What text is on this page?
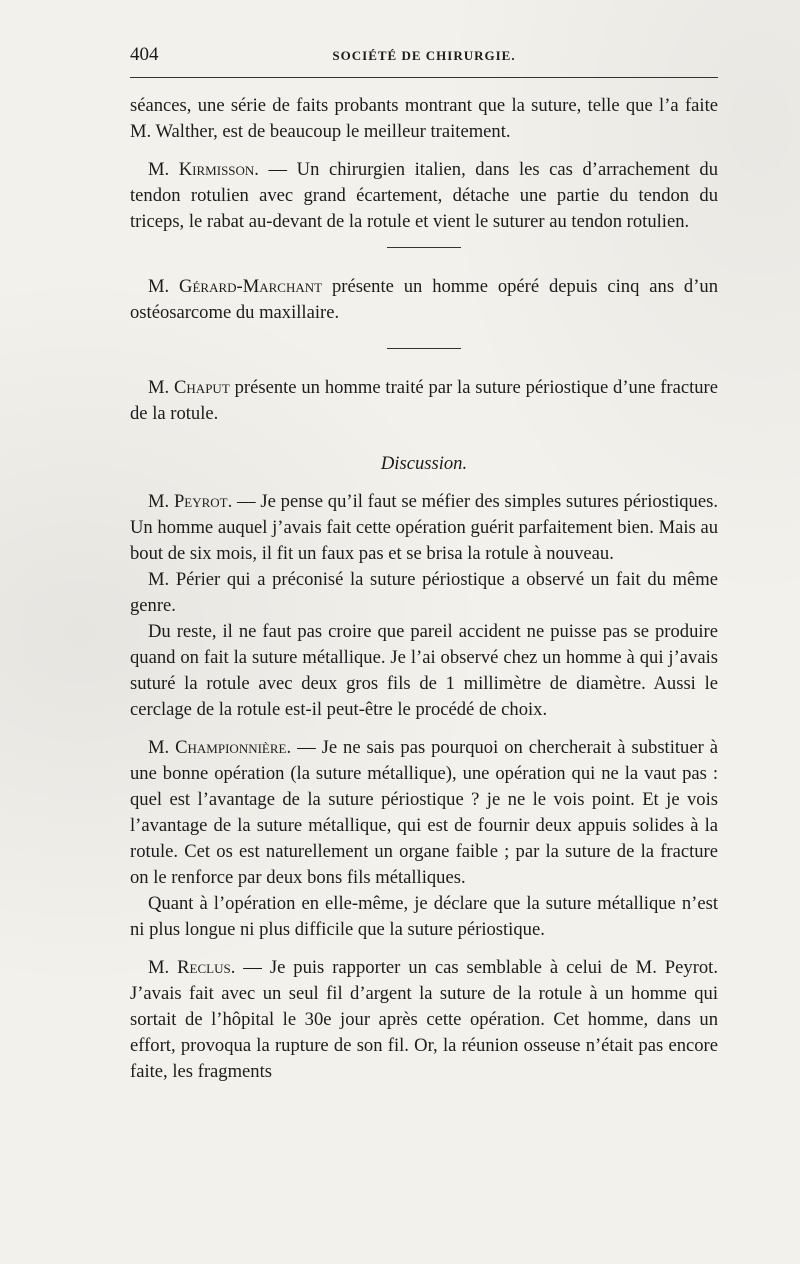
404	SOCIÉTÉ DE CHIRURGIE.

séances, une série de faits probants montrant que la suture, telle que l’a faite M. Walther, est de beaucoup le meilleur traitement.

M. Kirmisson. — Un chirurgien italien, dans les cas d’arrachement du tendon rotulien avec grand écartement, détache une partie du tendon du triceps, le rabat au-devant de la rotule et vient le suturer au tendon rotulien.

M. Gérard-Marchant présente un homme opéré depuis cinq ans d’un ostéosarcome du maxillaire.

M. Chaput présente un homme traité par la suture périostique d’une fracture de la rotule.

Discussion.

M. Peyrot. — Je pense qu’il faut se méfier des simples sutures périostiques. Un homme auquel j’avais fait cette opération guérit parfaitement bien. Mais au bout de six mois, il fit un faux pas et se brisa la rotule à nouveau.

M. Périer qui a préconisé la suture périostique a observé un fait du même genre.

Du reste, il ne faut pas croire que pareil accident ne puisse pas se produire quand on fait la suture métallique. Je l’ai observé chez un homme à qui j’avais suturé la rotule avec deux gros fils de 1 millimètre de diamètre. Aussi le cerclage de la rotule est-il peut-être le procédé de choix.

M. Championnière. — Je ne sais pas pourquoi on chercherait à substituer à une bonne opération (la suture métallique), une opération qui ne la vaut pas : quel est l’avantage de la suture périostique ? je ne le vois point. Et je vois l’avantage de la suture métallique, qui est de fournir deux appuis solides à la rotule. Cet os est naturellement un organe faible ; par la suture de la fracture on le renforce par deux bons fils métalliques.

Quant à l’opération en elle-même, je déclare que la suture métallique n’est ni plus longue ni plus difficile que la suture périostique.

M. Reclus. — Je puis rapporter un cas semblable à celui de M. Peyrot. J’avais fait avec un seul fil d’argent la suture de la rotule à un homme qui sortait de l’hôpital le 30e jour après cette opération. Cet homme, dans un effort, provoqua la rupture de son fil. Or, la réunion osseuse n’était pas encore faite, les fragments
